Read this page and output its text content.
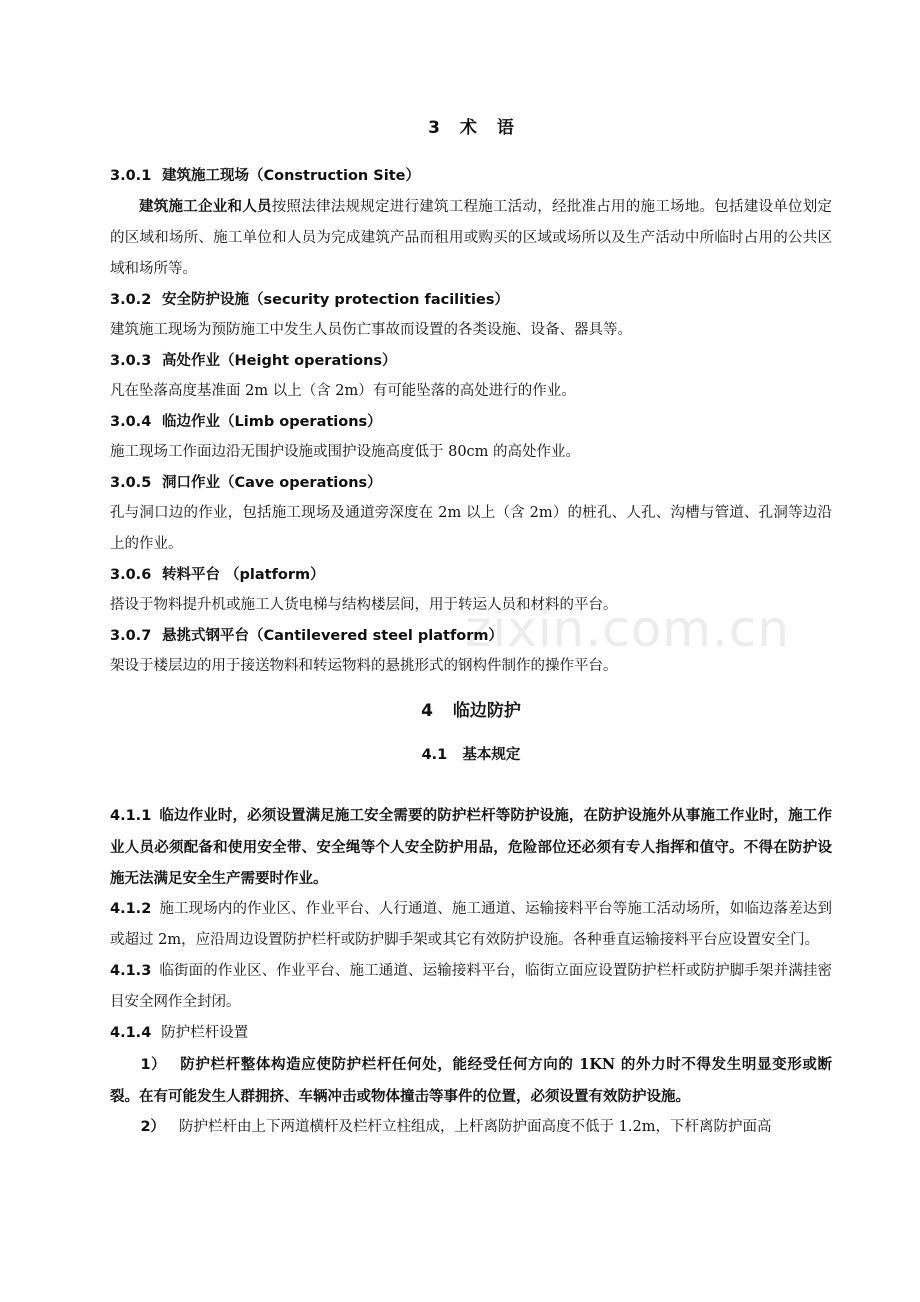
zixin.com.cn
3 术 语
3.0.1 建筑施工现场（Construction Site）
建筑施工企业和人员按照法律法规规定进行建筑工程施工活动，经批准占用的施工场地。包括建设单位划定的区域和场所、施工单位和人员为完成建筑产品而租用或购买的区域或场所以及生产活动中所临时占用的公共区域和场所等。
3.0.2 安全防护设施（security protection facilities）
建筑施工现场为预防施工中发生人员伤亡事故而设置的各类设施、设备、器具等。
3.0.3 高处作业（Height operations）
凡在坠落高度基准面 2m 以上（含 2m）有可能坠落的高处进行的作业。
3.0.4 临边作业（Limb operations）
施工现场工作面边沿无围护设施或围护设施高度低于 80cm 的高处作业。
3.0.5 洞口作业（Cave operations）
孔与洞口边的作业，包括施工现场及通道旁深度在 2m 以上（含 2m）的桩孔、人孔、沟槽与管道、孔洞等边沿上的作业。
3.0.6 转料平台 （platform）
搭设于物料提升机或施工人货电梯与结构楼层间，用于转运人员和材料的平台。
3.0.7 悬挑式钢平台（Cantilevered steel platform）
架设于楼层边的用于接送物料和转运物料的悬挑形式的钢构件制作的操作平台。
4 临边防护
4.1 基本规定
4.1.1 临边作业时，必须设置满足施工安全需要的防护栏杆等防护设施，在防护设施外从事施工作业时，施工作业人员必须配备和使用安全带、安全绳等个人安全防护用品，危险部位还必须有专人指挥和值守。不得在防护设施无法满足安全生产需要时作业。
4.1.2 施工现场内的作业区、作业平台、人行通道、施工通道、运输接料平台等施工活动场所，如临边落差达到或超过 2m，应沿周边设置防护栏杆或防护脚手架或其它有效防护设施。各种垂直运输接料平台应设置安全门。
4.1.3 临街面的作业区、作业平台、施工通道、运输接料平台，临街立面应设置防护栏杆或防护脚手架并满挂密目安全网作全封闭。
4.1.4 防护栏杆设置
1） 防护栏杆整体构造应使防护栏杆任何处，能经受任何方向的 1KN 的外力时不得发生明显变形或断裂。在有可能发生人群拥挤、车辆冲击或物体撞击等事件的位置，必须设置有效防护设施。
2） 防护栏杆由上下两道横杆及栏杆立柱组成，上杆离防护面高度不低于 1.2m，下杆离防护面高
